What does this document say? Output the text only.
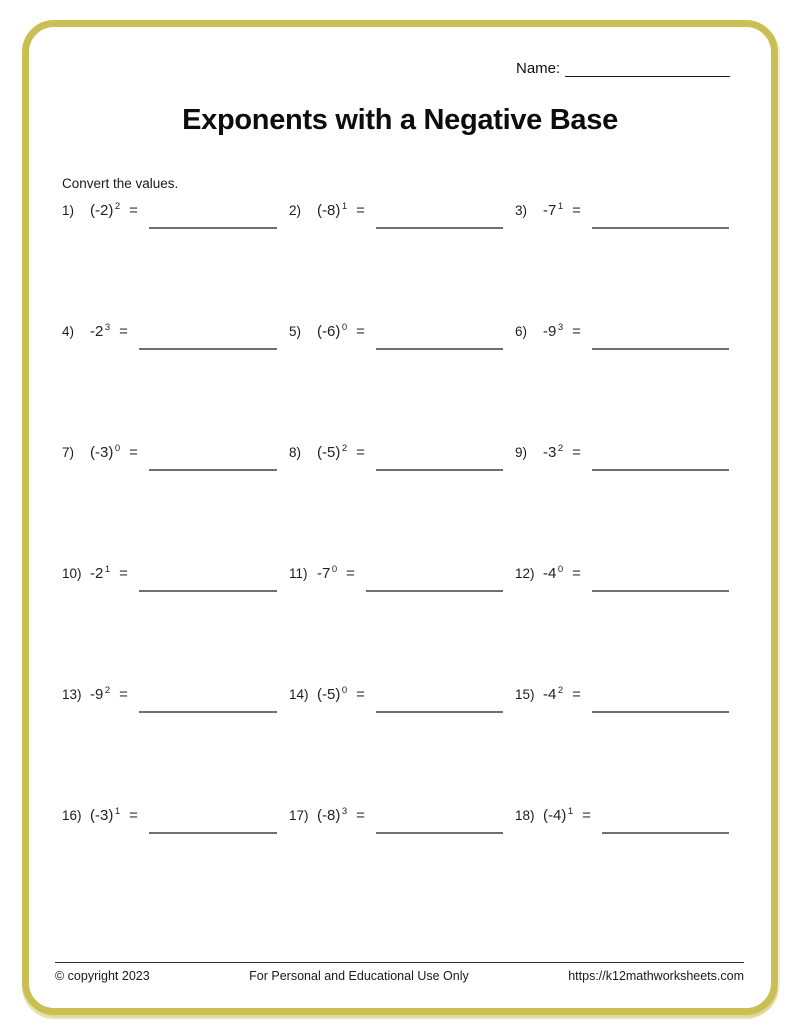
Name:
Exponents with a Negative Base
Convert the values.
1)	(-2) $^2$ =	2)	(-8) $^1$ =	3)	-7 $^1$ =
4)	-2 $^3$ =	5)	(-6) $^0$ =	6)	-9 $^3$ =
7)	(-3) $^0$ =	8)	(-5) $^2$ =	9)	-3 $^2$ =
10) -2 $^1$ =	11) -7 $^0$ =	12) -4 $^0$ =
13) -9 $^2$ =	14) (-5) $^0$ =	15) -4 $^2$ =
16) (-3) $^1$ =	17) (-8) $^3$ =	18) (-4) $^1$ =
© copyright 2023	For Personal and Educational Use Only	https://k12mathworksheets.com
